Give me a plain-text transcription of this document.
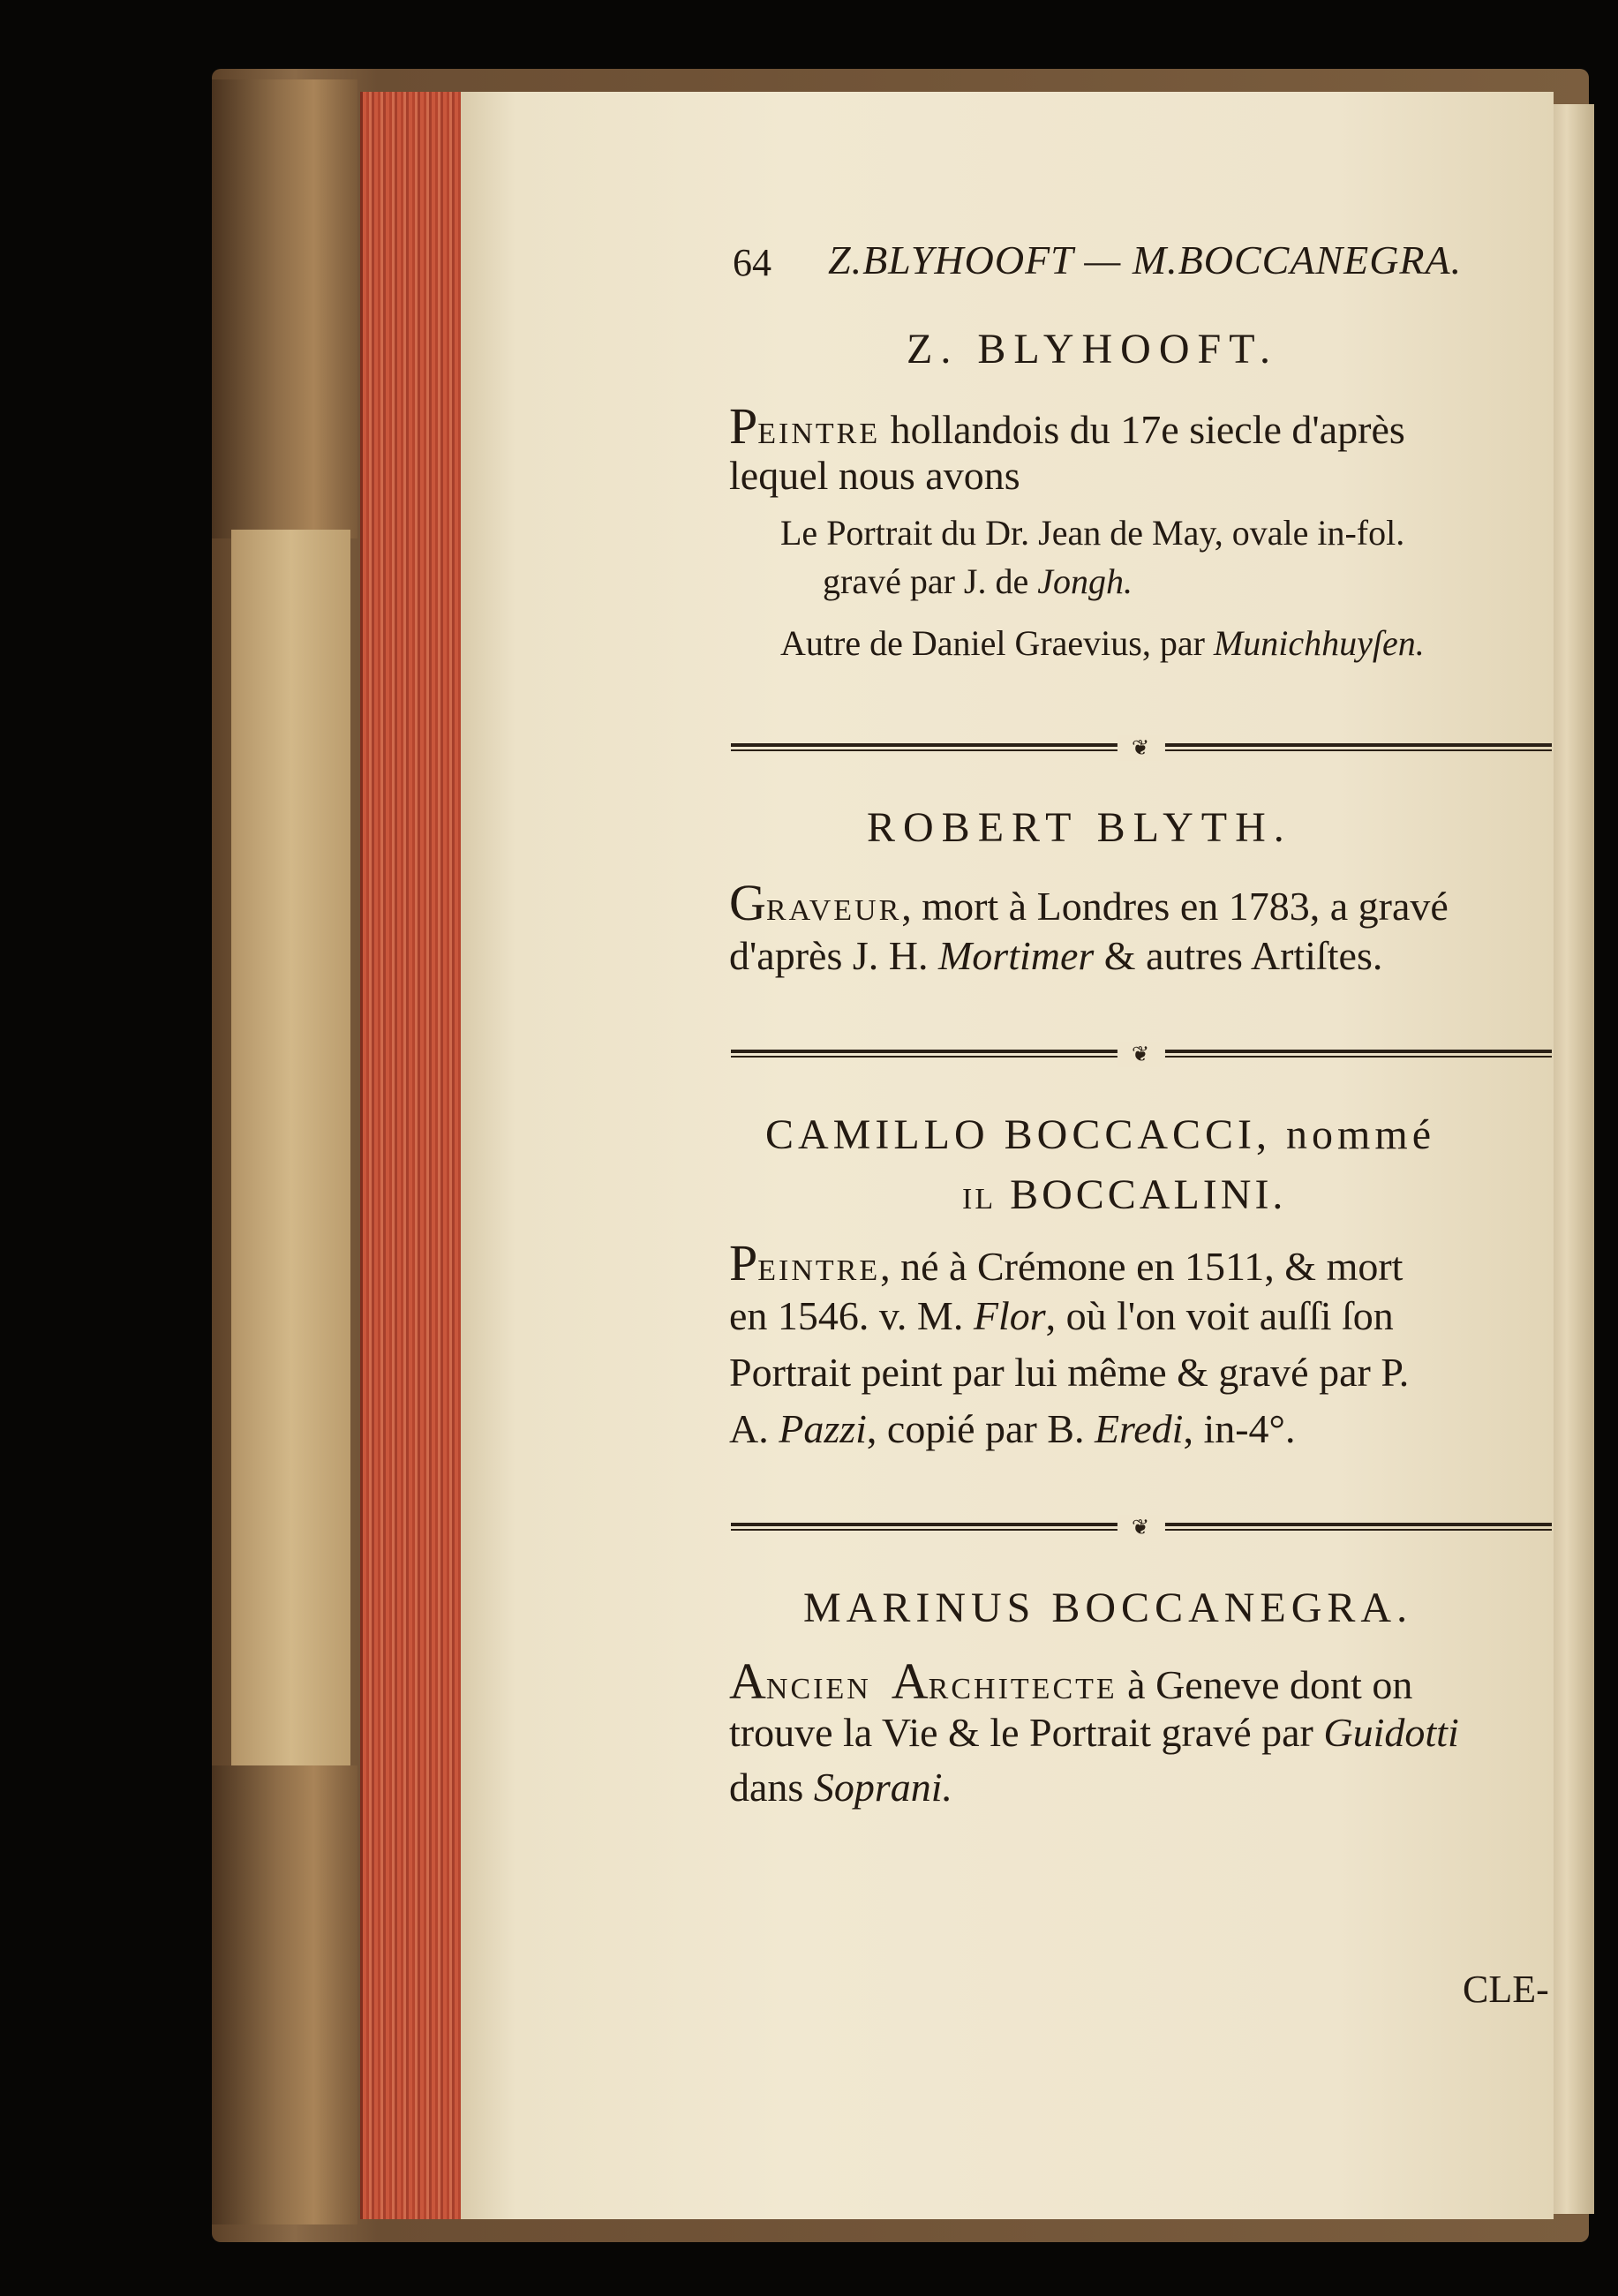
64 Z.BLYHOOFT — M.BOCCANEGRA.
Z. BLYHOOFT.
PEINTRE hollandois du 17e siecle d'après
lequel nous avons
Le Portrait du Dr. Jean de May, ovale in-fol.
gravé par J. de Jongh.
Autre de Daniel Graevius, par Munichhuyſen.
❦
ROBERT BLYTH.
GRAVEUR, mort à Londres en 1783, a gravé
d'après J. H. Mortimer & autres Artiſtes.
❦
CAMILLO BOCCACCI, nommé
IL BOCCALINI.
PEINTRE, né à Crémone en 1511, & mort
en 1546. v. M. Flor, où l'on voit auſſi ſon
Portrait peint par lui même & gravé par P.
A. Pazzi, copié par B. Eredi, in-4°.
❦
MARINUS BOCCANEGRA.
ANCIEN ARCHITECTE à Geneve dont on
trouve la Vie & le Portrait gravé par Guidotti
dans Soprani.
CLE-
